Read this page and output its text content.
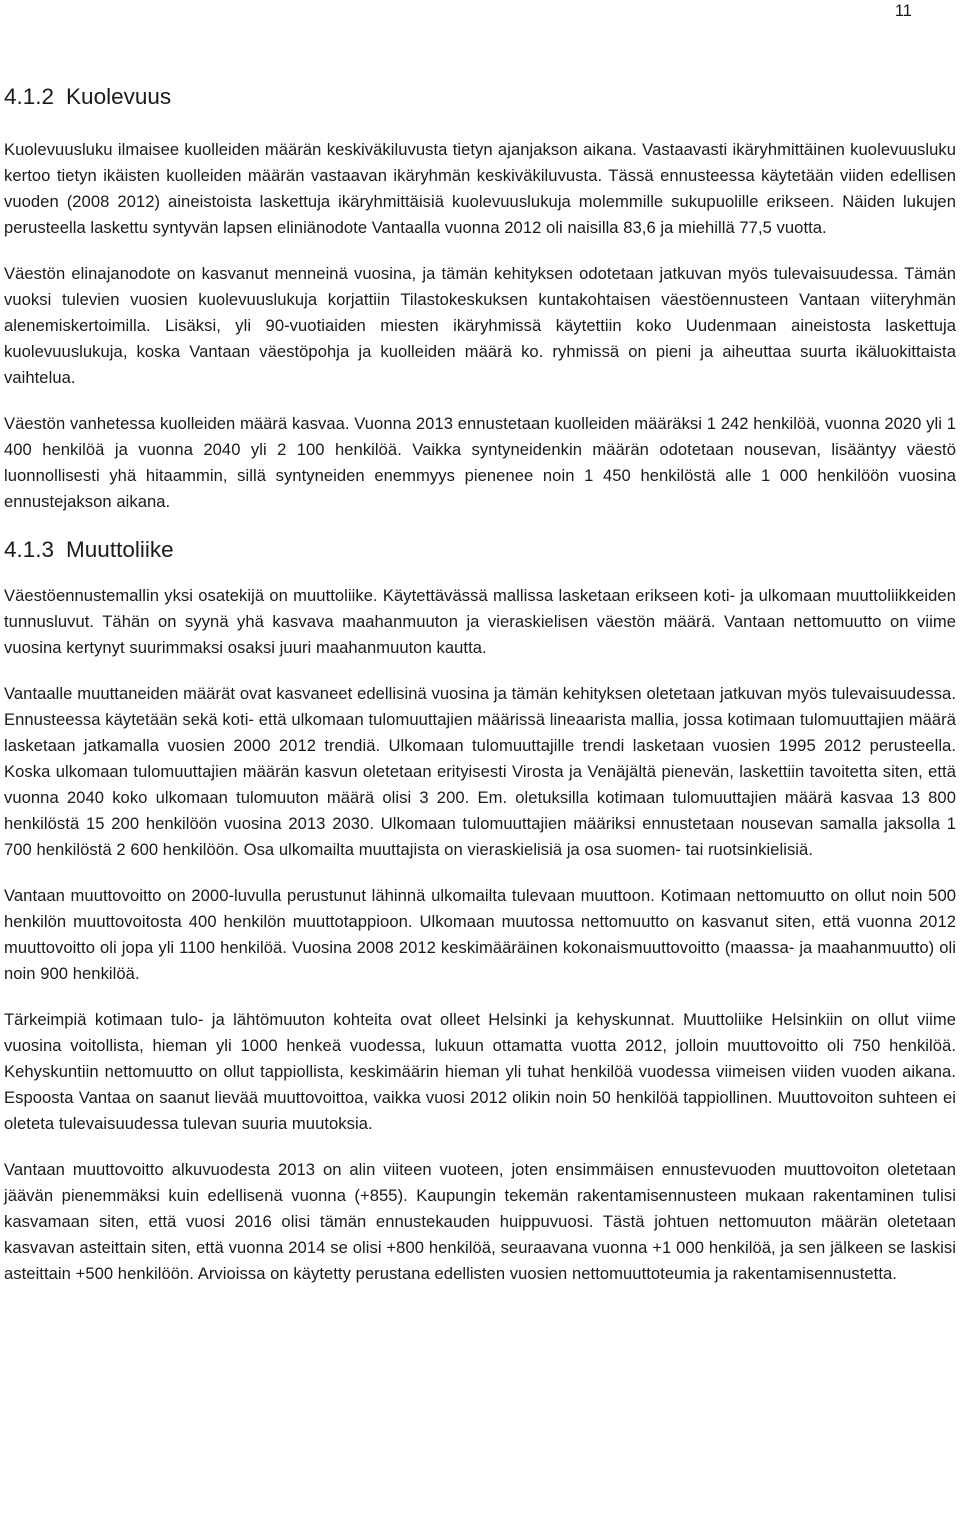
11
4.1.2 Kuolevuus

Kuolevuusluku ilmaisee kuolleiden määrän keskiväkiluvusta tietyn ajanjakson aikana. Vastaavasti ikäryhmittäinen kuolevuusluku kertoo tietyn ikäisten kuolleiden määrän vastaavan ikäryhmän keskiväkiluvusta. Tässä ennusteessa käytetään viiden edellisen vuoden (2008 2012) aineistoista laskettuja ikäryhmittäisiä kuolevuuslukuja molemmille sukupuolille erikseen. Näiden lukujen perusteella laskettu syntyvän lapsen eliniänodote Vantaalla vuonna 2012 oli naisilla 83,6 ja miehillä 77,5 vuotta.

Väestön elinajanodote on kasvanut menneinä vuosina, ja tämän kehityksen odotetaan jatkuvan myös tulevaisuudessa. Tämän vuoksi tulevien vuosien kuolevuuslukuja korjattiin Tilastokeskuksen kuntakohtaisen väestöennusteen Vantaan viiteryhmän alenemiskertoimilla. Lisäksi, yli 90-vuotiaiden miesten ikäryhmissä käytettiin koko Uudenmaan aineistosta laskettuja kuolevuuslukuja, koska Vantaan väestöpohja ja kuolleiden määrä ko. ryhmissä on pieni ja aiheuttaa suurta ikäluokittaista vaihtelua.

Väestön vanhetessa kuolleiden määrä kasvaa. Vuonna 2013 ennustetaan kuolleiden määräksi 1 242 henkilöä, vuonna 2020 yli 1 400 henkilöä ja vuonna 2040 yli 2 100 henkilöä. Vaikka syntyneidenkin määrän odotetaan nousevan, lisääntyy väestö luonnollisesti yhä hitaammin, sillä syntyneiden enemmyys pienenee noin 1 450 henkilöstä alle 1 000 henkilöön vuosina ennustejakson aikana.

4.1.3 Muuttoliike

Väestöennustemallin yksi osatekijä on muuttoliike. Käytettävässä mallissa lasketaan erikseen koti- ja ulkomaan muuttoliikkeiden tunnusluvut. Tähän on syynä yhä kasvava maahanmuuton ja vieraskielisen väestön määrä. Vantaan nettomuutto on viime vuosina kertynyt suurimmaksi osaksi juuri maahanmuuton kautta.

Vantaalle muuttaneiden määrät ovat kasvaneet edellisinä vuosina ja tämän kehityksen oletetaan jatkuvan myös tulevaisuudessa. Ennusteessa käytetään sekä koti- että ulkomaan tulomuuttajien määrissä lineaarista mallia, jossa kotimaan tulomuuttajien määrä lasketaan jatkamalla vuosien 2000 2012 trendiä. Ulkomaan tulomuuttajille trendi lasketaan vuosien 1995 2012 perusteella. Koska ulkomaan tulomuuttajien määrän kasvun oletetaan erityisesti Virosta ja Venäjältä pienevän, laskettiin tavoitetta siten, että vuonna 2040 koko ulkomaan tulomuuton määrä olisi 3 200. Em. oletuksilla kotimaan tulomuuttajien määrä kasvaa 13 800 henkilöstä 15 200 henkilöön vuosina 2013 2030. Ulkomaan tulomuuttajien määriksi ennustetaan nousevan samalla jaksolla 1 700 henkilöstä 2 600 henkilöön. Osa ulkomailta muuttajista on vieraskielisiä ja osa suomen- tai ruotsinkielisiä.

Vantaan muuttovoitto on 2000-luvulla perustunut lähinnä ulkomailta tulevaan muuttoon. Kotimaan nettomuutto on ollut noin 500 henkilön muuttovoitosta 400 henkilön muuttotappioon. Ulkomaan muutossa nettomuutto on kasvanut siten, että vuonna 2012 muuttovoitto oli jopa yli 1100 henkilöä. Vuosina 2008 2012 keskimääräinen kokonaismuuttovoitto (maassa- ja maahanmuutto) oli noin 900 henkilöä.

Tärkeimpiä kotimaan tulo- ja lähtömuuton kohteita ovat olleet Helsinki ja kehyskunnat. Muuttoliike Helsinkiin on ollut viime vuosina voitollista, hieman yli 1000 henkeä vuodessa, lukuun ottamatta vuotta 2012, jolloin muuttovoitto oli 750 henkilöä. Kehyskuntiin nettomuutto on ollut tappiollista, keskimäärin hieman yli tuhat henkilöä vuodessa viimeisen viiden vuoden aikana. Espoosta Vantaa on saanut lievää muuttovoittoa, vaikka vuosi 2012 olikin noin 50 henkilöä tappiollinen. Muuttovoiton suhteen ei oleteta tulevaisuudessa tulevan suuria muutoksia.

Vantaan muuttovoitto alkuvuodesta 2013 on alin viiteen vuoteen, joten ensimmäisen ennustevuoden muuttovoiton oletetaan jäävän pienemmäksi kuin edellisenä vuonna (+855). Kaupungin tekemän rakentamisennusteen mukaan rakentaminen tulisi kasvamaan siten, että vuosi 2016 olisi tämän ennustekauden huippuvuosi. Tästä johtuen nettomuuton määrän oletetaan kasvavan asteittain siten, että vuonna 2014 se olisi +800 henkilöä, seuraavana vuonna +1 000 henkilöä, ja sen jälkeen se laskisi asteittain +500 henkilöön. Arvioissa on käytetty perustana edellisten vuosien nettomuuttoteumia ja rakentamisennustetta.
